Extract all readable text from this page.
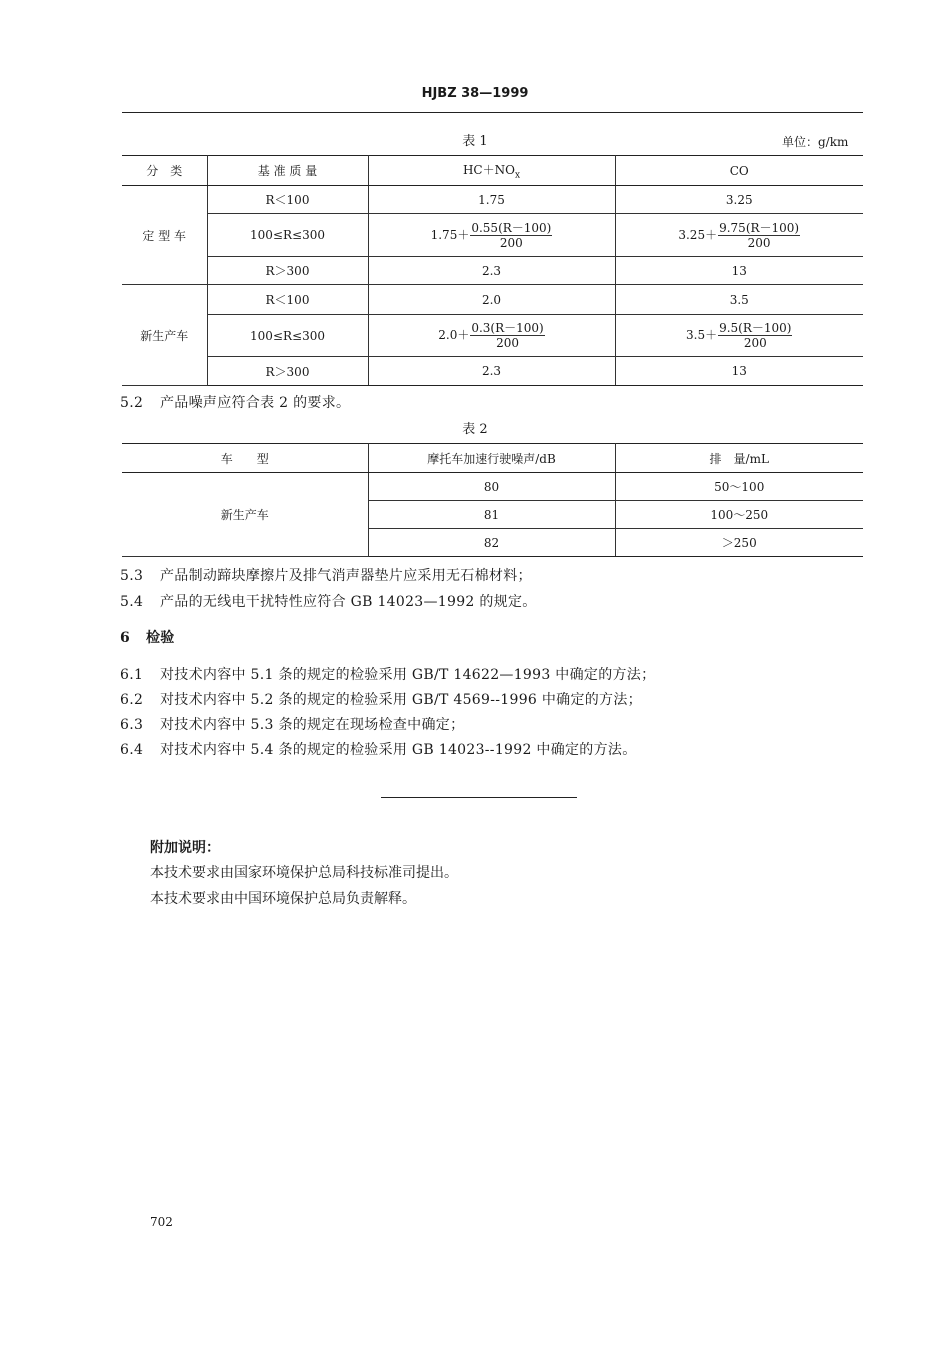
HJBZ 38—1999
表 1	单位：g/km
分　类	基 准 质 量	$HC+NO_x$	CO
定 型 车	R＜100	1.75	3.25
	100≤R≤300	$1.75+ \frac{0.55(R-100)}{200}$	$3.25+ \frac{9.75(R-100)}{200}$

	R＞300	2.3	13
新生产车	R＜100	2.0	3.5
	100≤R≤300	$2.0+ \frac{0.3(R-100)}{200}$	$3.5+ \frac{9.5(R-100)}{200}$

	R＞300	2.3	13
5.2 产品噪声应符合表 2 的要求。
表 2
车　　型	摩托车加速行驶噪声/dB	排　量/mL
新生产车	80	50～100
	81	100～250
	82	＞250
5.3 产品制动蹄块摩擦片及排气消声器垫片应采用无石棉材料；
5.4 产品的无线电干扰特性应符合 GB 14023—1992 的规定。
6 检验
6.1 对技术内容中 5.1 条的规定的检验采用 GB/T 14622—1993 中确定的方法；
6.2 对技术内容中 5.2 条的规定的检验采用 GB/T 4569--1996 中确定的方法；
6.3 对技术内容中 5.3 条的规定在现场检查中确定；
6.4 对技术内容中 5.4 条的规定的检验采用 GB 14023--1992 中确定的方法。
附加说明：
本技术要求由国家环境保护总局科技标准司提出。
本技术要求由中国环境保护总局负责解释。
702
